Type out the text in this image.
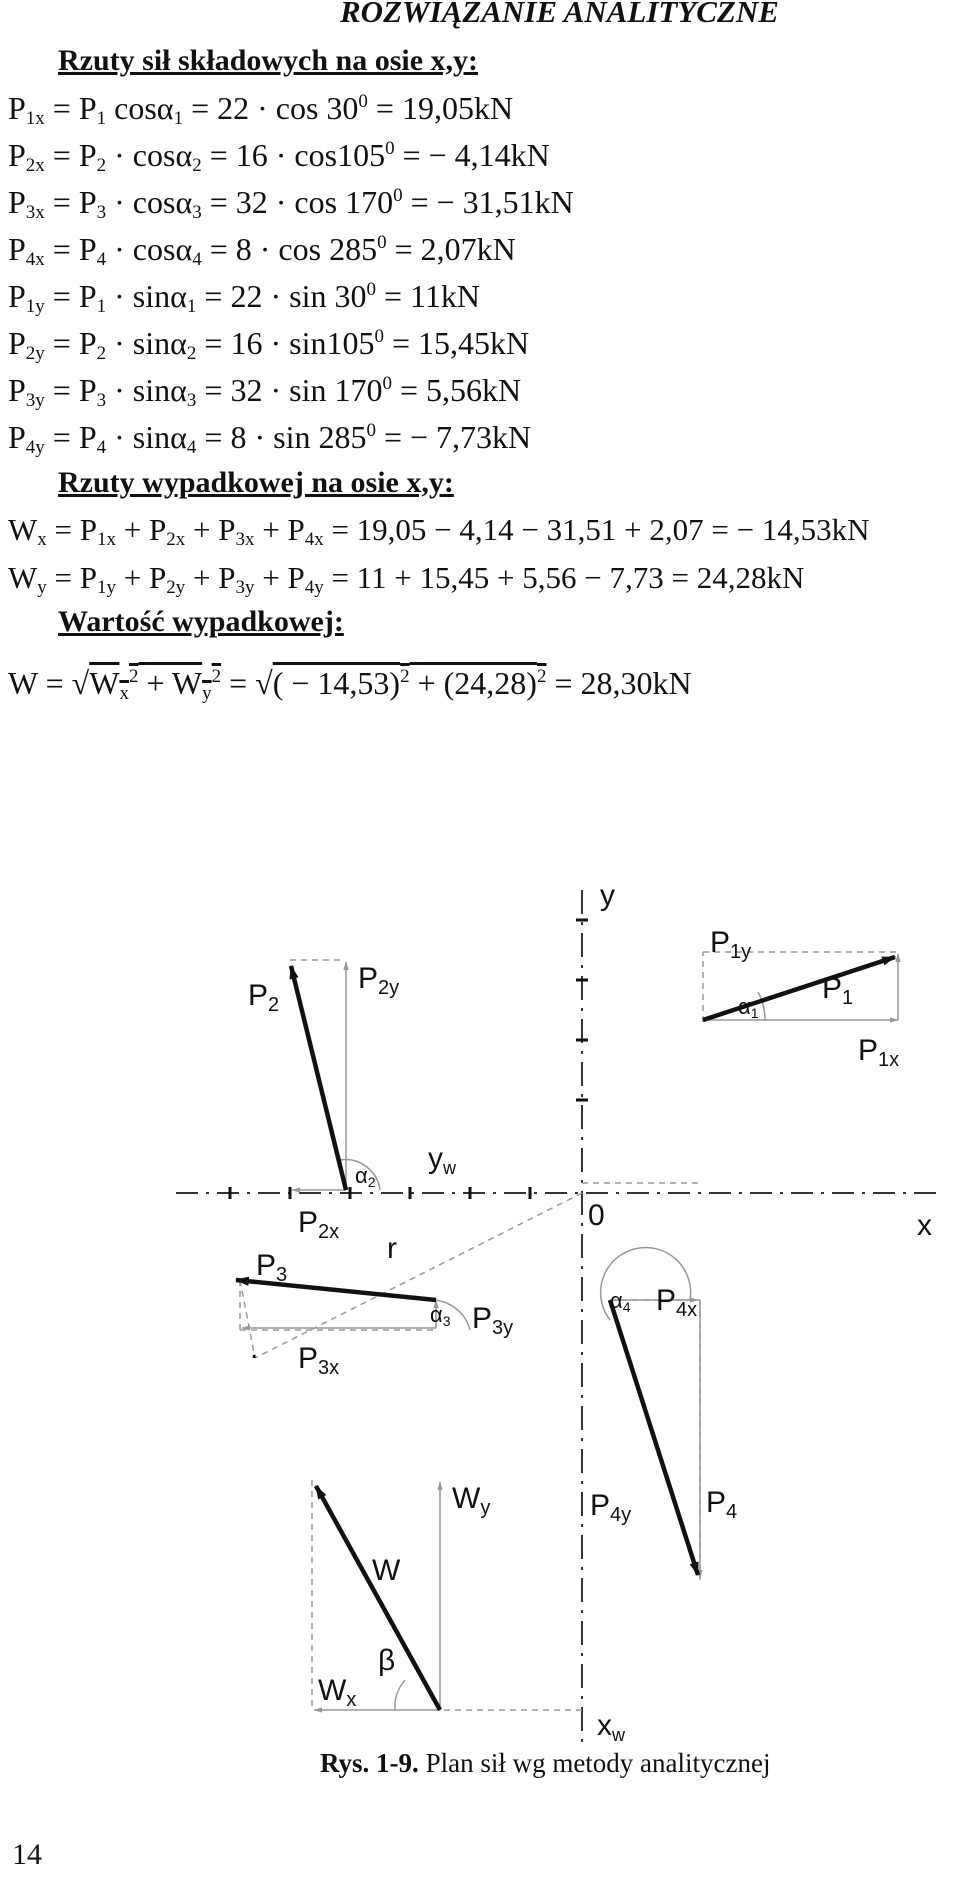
ROZWIĄZANIE ANALITYCZNE
Rzuty sił składowych na osie x,y:
$P_{1x} = P_1$ $\cos\alpha_1 = 22 \cdot \cos 30^0 = 19,05kN$
$P_{2x} = P_2 \cdot \cos\alpha_2 = 16 \cdot \cos 105^0$ = − 4,14kN
$P_{3x} = P_3 \cdot \cos\alpha_3 = 32 \cdot \cos 170^0$ = − 31,51kN
$P_{4x} = P_4 \cdot \cos\alpha_4 = 8 \cdot \cos 285^0 = 2,07kN$
$P_{1y} = P_1 \cdot \sin\alpha_1 = 22 \cdot \sin 30^0 = 11kN$
$P_{2y} = P_2 \cdot \sin\alpha_2 = 16 \cdot \sin 105^0 = 15,45kN$
$P_{3y} = P_3 \cdot \sin\alpha_3 = 32 \cdot \sin 170^0 = 5,56kN$
$P_{4y} = P_4 \cdot \sin\alpha_4 = 8 \cdot \sin 285^0$ = − 7,73kN
Rzuty wypadkowej na osie x,y:
$W_x = P_{1x} + P_{2x} + P_{3x} + P_{4x} = 19,05 - 4,14 - 31,51 + 2,07$ = − 14,53kN
$W_y = P_{1y} + P_{2y} + P_{3y} + P_{4y} = 11 + 15,45 + 5,56 - 7,73 = 24,28kN$
Wartość wypadkowej:
$W = √W_x^2 + W_y^2$ = √( − $14,53)^2 + (24,28)^2 = 28,30kN$
y
x
0
$y_w$
$x_w$
$P_{1y}$
$P_1$
α1
$P_{1x}$
$P_2$
$P_{2y}$
α2
$P_{2x}$
$P_3$
r
α3 $P_{3y}$
. $P_{3x}$
α4 $P_{4x}$
$P_{4y}$ $P_4$
$W_y$
W
β
$W_x$
Rys. 1-9. Plan sił wg metody analitycznej
14
